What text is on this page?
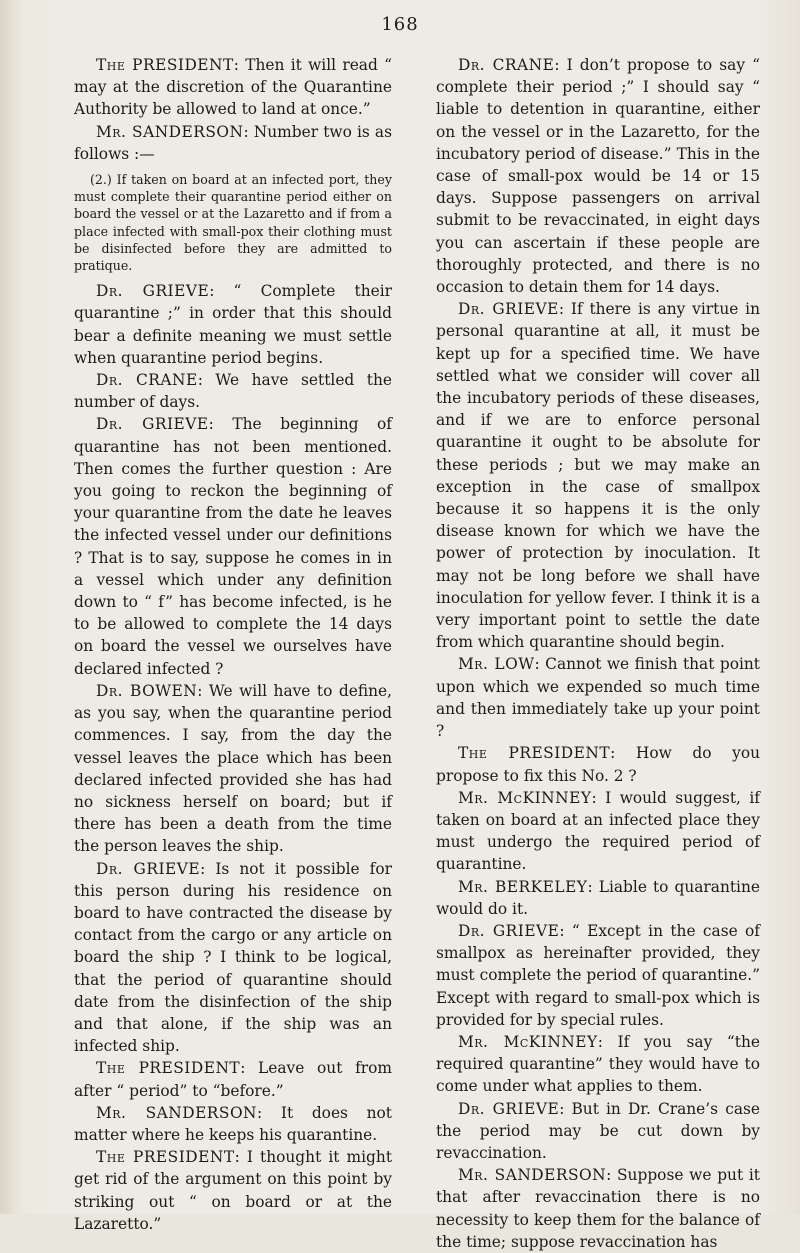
168

The PRESIDENT: Then it will read “ may at the discretion of the Quarantine Authority be allowed to land at once.”

Mr. SANDERSON: Number two is as follows :—

(2.) If taken on board at an infected port, they must complete their quarantine period either on board the vessel or at the Lazaretto and if from a place infected with small-pox their clothing must be disinfected before they are admitted to pratique.

Dr. GRIEVE: “ Complete their quarantine ;” in order that this should bear a definite meaning we must settle when quarantine period begins.

Dr. CRANE: We have settled the number of days.

Dr. GRIEVE: The beginning of quarantine has not been mentioned. Then comes the further question : Are you going to reckon the beginning of your quarantine from the date he leaves the infected vessel under our definitions ? That is to say, suppose he comes in in a vessel which under any definition down to “ f” has become infected, is he to be allowed to complete the 14 days on board the vessel we ourselves have declared infected ?

Dr. BOWEN: We will have to define, as you say, when the quarantine period commences. I say, from the day the vessel leaves the place which has been declared infected provided she has had no sickness herself on board; but if there has been a death from the time the person leaves the ship.

Dr. GRIEVE: Is not it possible for this person during his residence on board to have contracted the disease by contact from the cargo or any article on board the ship ? I think to be logical, that the period of quarantine should date from the disinfection of the ship and that alone, if the ship was an infected ship.

The PRESIDENT: Leave out from after “ period” to “before.”

Mr. SANDERSON: It does not matter where he keeps his quarantine.

The PRESIDENT: I thought it might get rid of the argument on this point by striking out “ on board or at the Lazaretto.”

Dr. CRANE: I don’t propose to say “ complete their period ;” I should say “ liable to detention in quarantine, either on the vessel or in the Lazaretto, for the incubatory period of disease.” This in the case of small-pox would be 14 or 15 days. Suppose passengers on arrival submit to be revaccinated, in eight days you can ascertain if these people are thoroughly protected, and there is no occasion to detain them for 14 days.

Dr. GRIEVE: If there is any virtue in personal quarantine at all, it must be kept up for a specified time. We have settled what we consider will cover all the incubatory periods of these diseases, and if we are to enforce personal quarantine it ought to be absolute for these periods ; but we may make an exception in the case of smallpox because it so happens it is the only disease known for which we have the power of protection by inoculation. It may not be long before we shall have inoculation for yellow fever. I think it is a very important point to settle the date from which quarantine should begin.

Mr. LOW: Cannot we finish that point upon which we expended so much time and then immediately take up your point ?

The PRESIDENT: How do you propose to fix this No. 2 ?

Mr. McKINNEY: I would suggest, if taken on board at an infected place they must undergo the required period of quarantine.

Mr. BERKELEY: Liable to quarantine would do it.

Dr. GRIEVE: “ Except in the case of smallpox as hereinafter provided, they must complete the period of quarantine.” Except with regard to small-pox which is provided for by special rules.

Mr. McKINNEY: If you say “the required quarantine” they would have to come under what applies to them.

Dr. GRIEVE: But in Dr. Crane’s case the period may be cut down by revaccination.

Mr. SANDERSON: Suppose we put it that after revaccination there is no necessity to keep them for the balance of the time; suppose revaccination has
